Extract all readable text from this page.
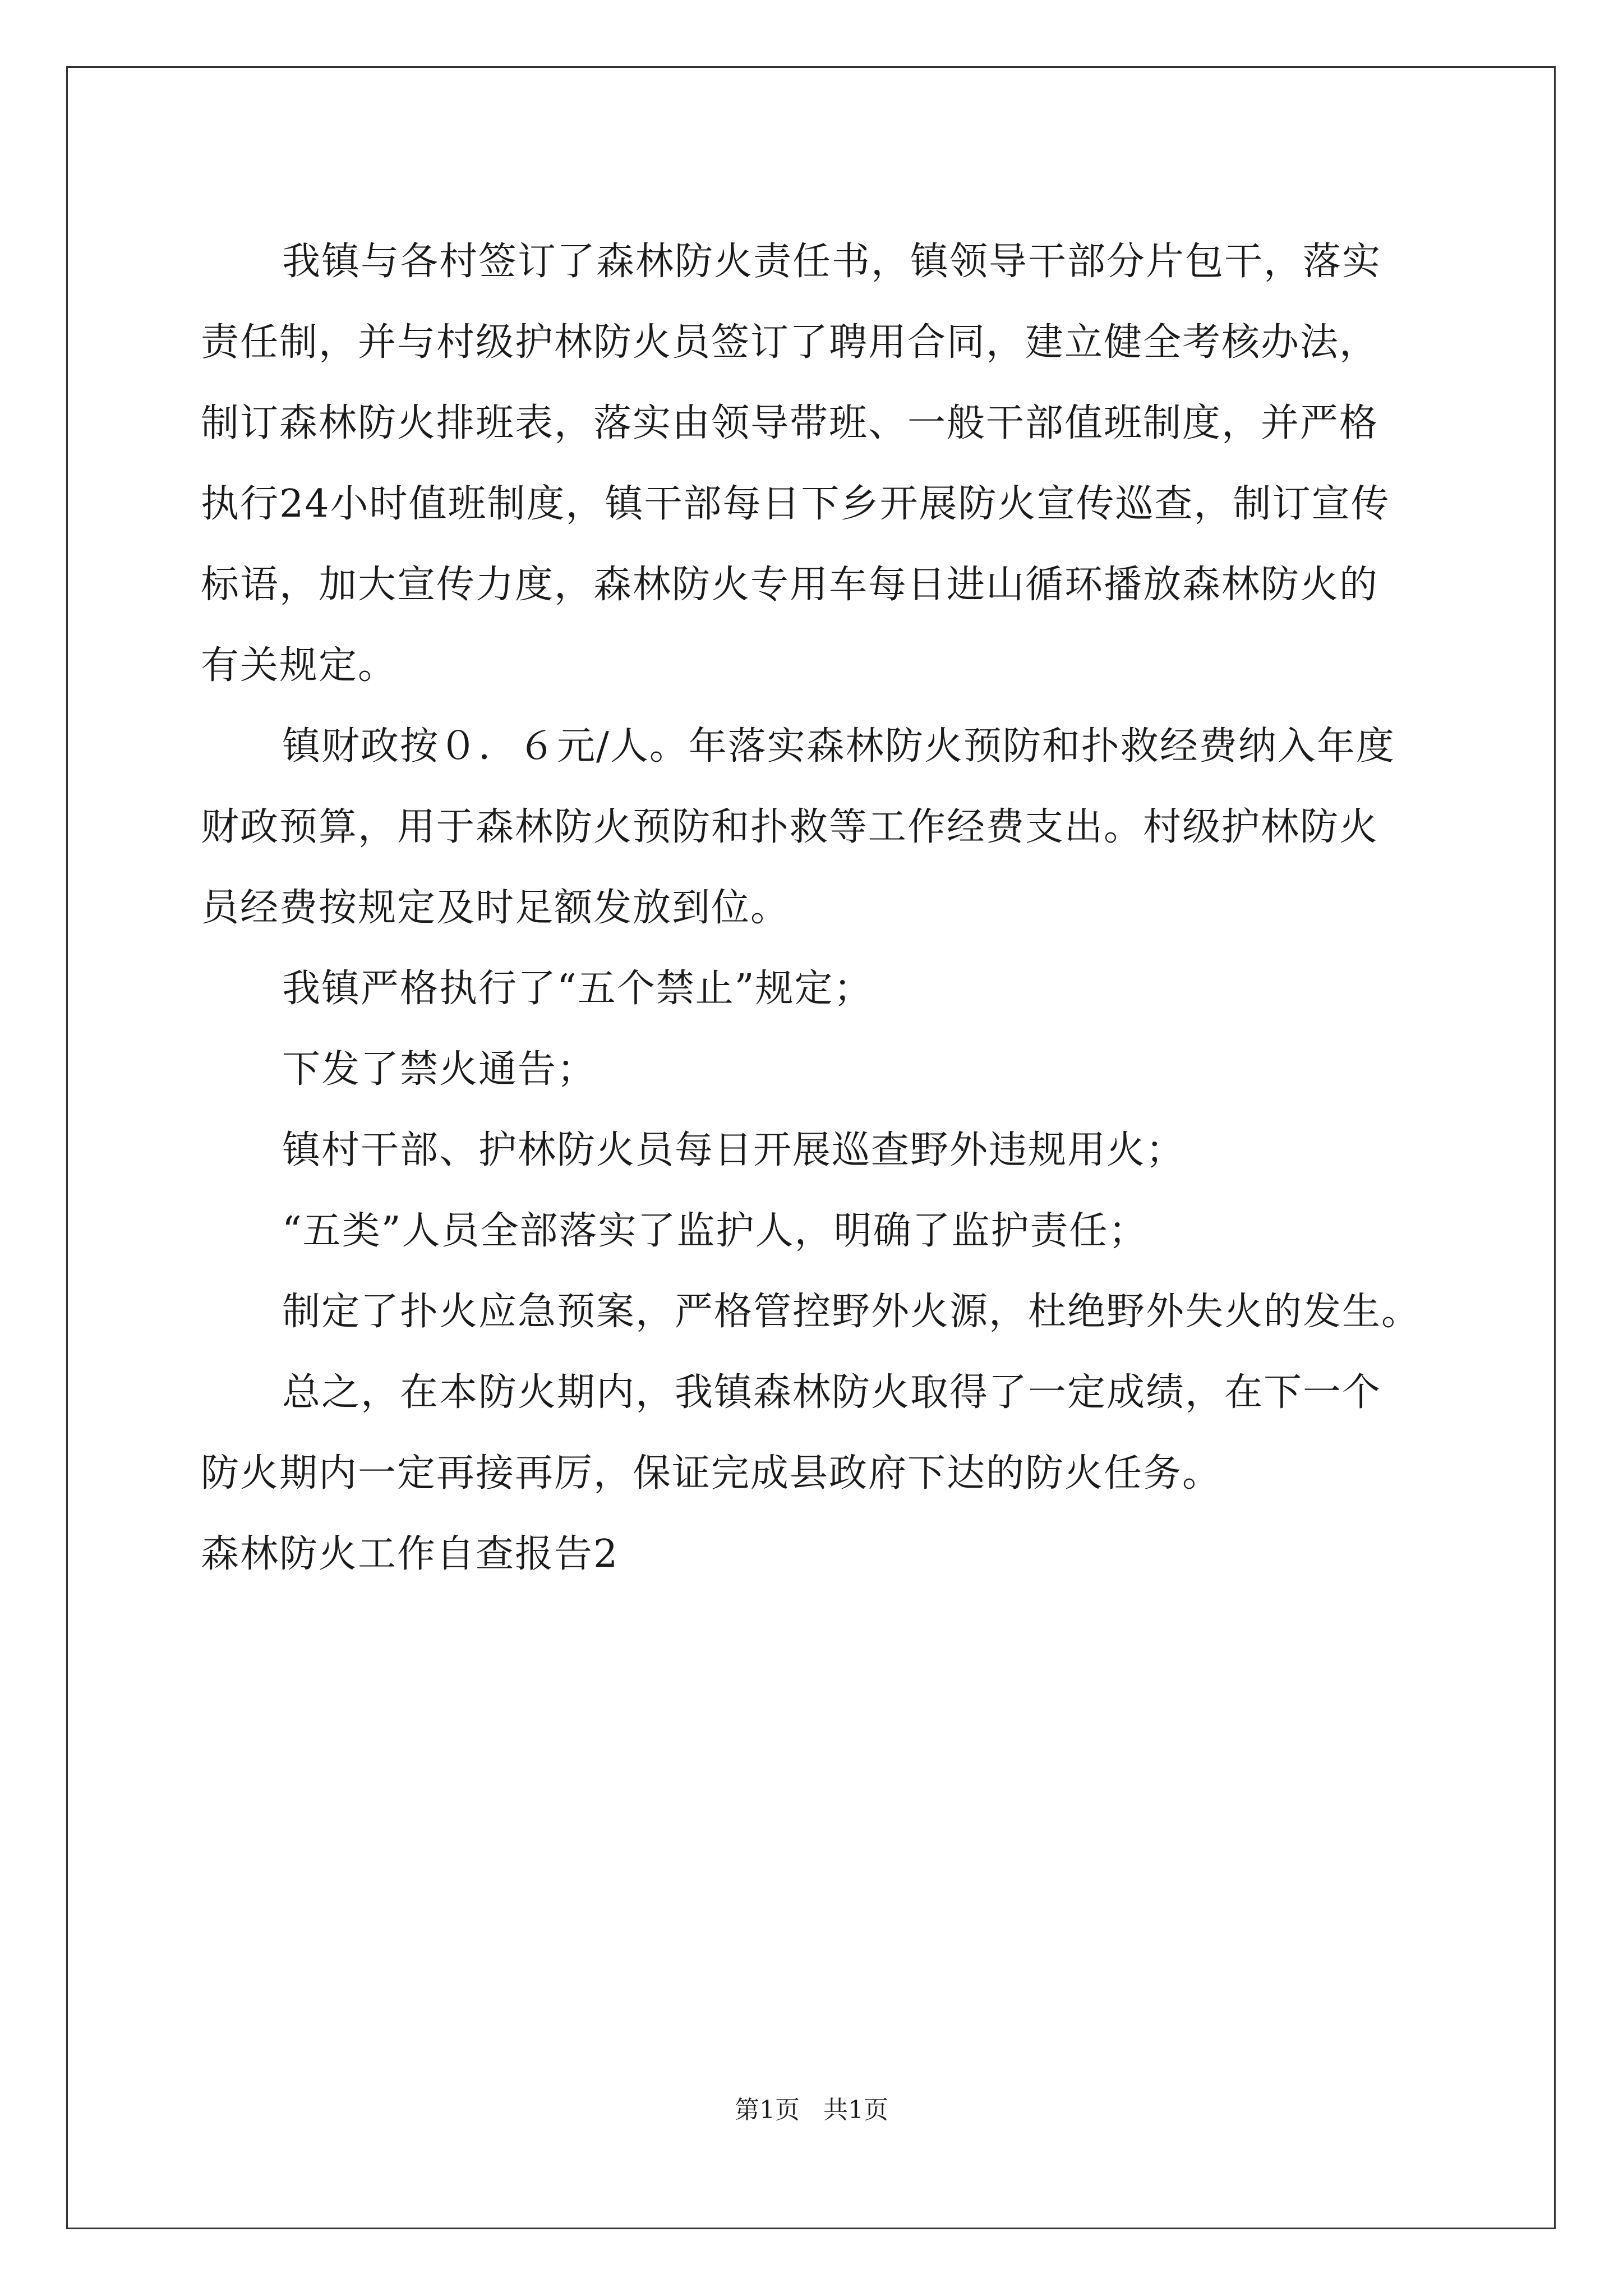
我镇与各村签订了森林防火责任书，镇领导干部分片包干，落实
责任制，并与村级护林防火员签订了聘用合同，建立健全考核办法，
制订森林防火排班表，落实由领导带班、一般干部值班制度，并严格
执行24小时值班制度，镇干部每日下乡开展防火宣传巡查，制订宣传
标语，加大宣传力度，森林防火专用车每日进山循环播放森林防火的
有关规定。
镇财政按０．６元/人。年落实森林防火预防和扑救经费纳入年度
财政预算，用于森林防火预防和扑救等工作经费支出。村级护林防火
员经费按规定及时足额发放到位。
我镇严格执行了“五个禁止”规定；
下发了禁火通告；
镇村干部、护林防火员每日开展巡查野外违规用火；
“五类”人员全部落实了监护人，明确了监护责任；
制定了扑火应急预案，严格管控野外火源，杜绝野外失火的发生。
总之，在本防火期内，我镇森林防火取得了一定成绩，在下一个
防火期内一定再接再厉，保证完成县政府下达的防火任务。
森林防火工作自查报告2
第1页   共1页
